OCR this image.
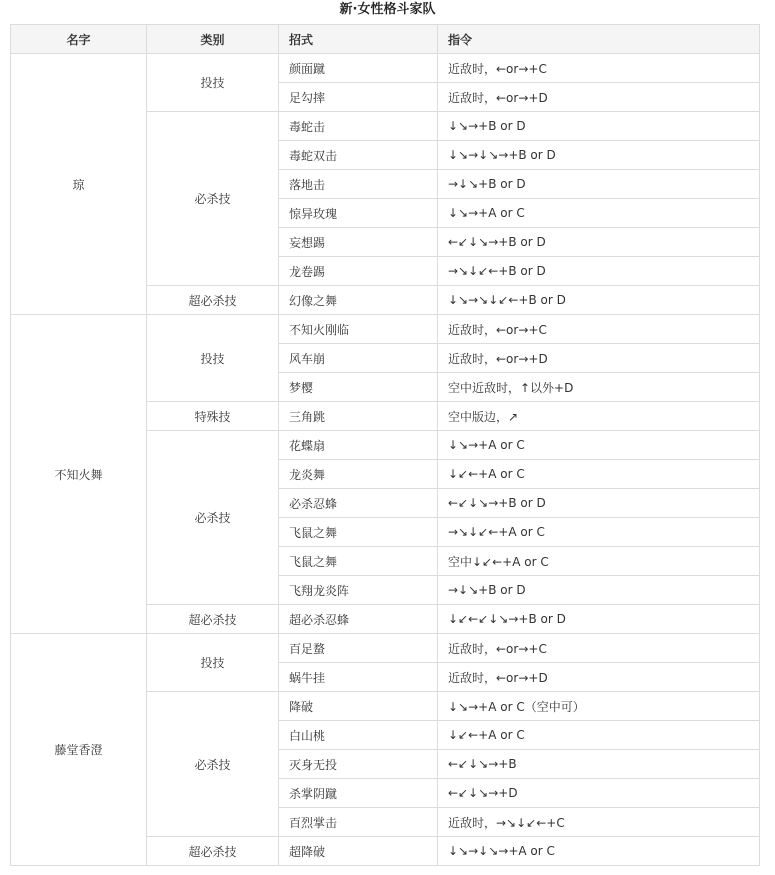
新·女性格斗家队
名字	类别	招式	指令
琼	投技	颜面蹴	近敌时，←or→+C
		足勾摔	近敌时，←or→+D
	必杀技	毒蛇击	↓↘→+B or D
		毒蛇双击	↓↘→↓↘→+B or D
		落地击	→↓↘+B or D
		惊异玫瑰	↓↘→+A or C
		妄想踢	←↙↓↘→+B or D
		龙卷踢	→↘↓↙←+B or D
	超必杀技	幻像之舞	↓↘→↘↓↙←+B or D
不知火舞	投技	不知火刚临	近敌时，←or→+C
		风车崩	近敌时，←or→+D
		梦樱	空中近敌时，↑以外+D
	特殊技	三角跳	空中版边，↗
	必杀技	花蝶扇	↓↘→+A or C
		龙炎舞	↓↙←+A or C
		必杀忍蜂	←↙↓↘→+B or D
		飞鼠之舞	→↘↓↙←+A or C
		飞鼠之舞	空中↓↙←+A or C
		飞翔龙炎阵	→↓↘+B or D
	超必杀技	超必杀忍蜂	↓↙←↙↓↘→+B or D
藤堂香澄	投技	百足蝥	近敌时，←or→+C
		蜗牛挂	近敌时，←or→+D
	必杀技	降破	↓↘→+A or C（空中可）
		白山桃	↓↙←+A or C
		灭身无投	←↙↓↘→+B
		杀掌阴蹴	←↙↓↘→+D
		百烈掌击	近敌时，→↘↓↙←+C
	超必杀技	超降破	↓↘→↓↘→+A or C
